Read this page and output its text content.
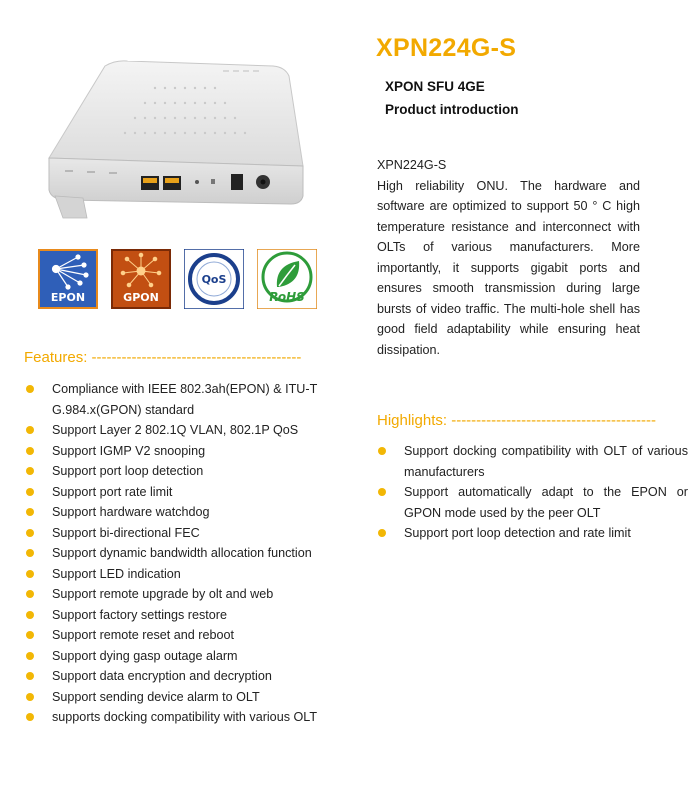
EPON	GPON
QoS
RoHS
XPN224G-S
XPON SFU 4GE
Product introduction
XPN224G-S
High reliability ONU. The hardware and software are optimized to support 50 ° C high temperature resistance and interconnect with OLTs of various manufacturers. More importantly, it supports gigabit ports and ensures smooth transmission during large bursts of video traffic. The multi-hole shell has good field adaptability while ensuring heat dissipation.
Features: ------------------------------------------
Compliance with IEEE 802.3ah(EPON) & ITU-T G.984.x(GPON) standard
Support Layer 2 802.1Q VLAN, 802.1P QoS
Support IGMP V2 snooping
Support port loop detection
Support port rate limit
Support hardware watchdog
Support bi-directional FEC
Support dynamic bandwidth allocation function
Support LED indication
Support remote upgrade by olt and web
Support factory settings restore
Support remote reset and reboot
Support dying gasp outage alarm
Support data encryption and decryption
Support sending device alarm to OLT
supports docking compatibility with various OLT
Highlights: -----------------------------------------
Support docking compatibility with OLT of various manufacturers
Support automatically adapt to the EPON or GPON mode used by the peer OLT
Support port loop detection and rate limit
